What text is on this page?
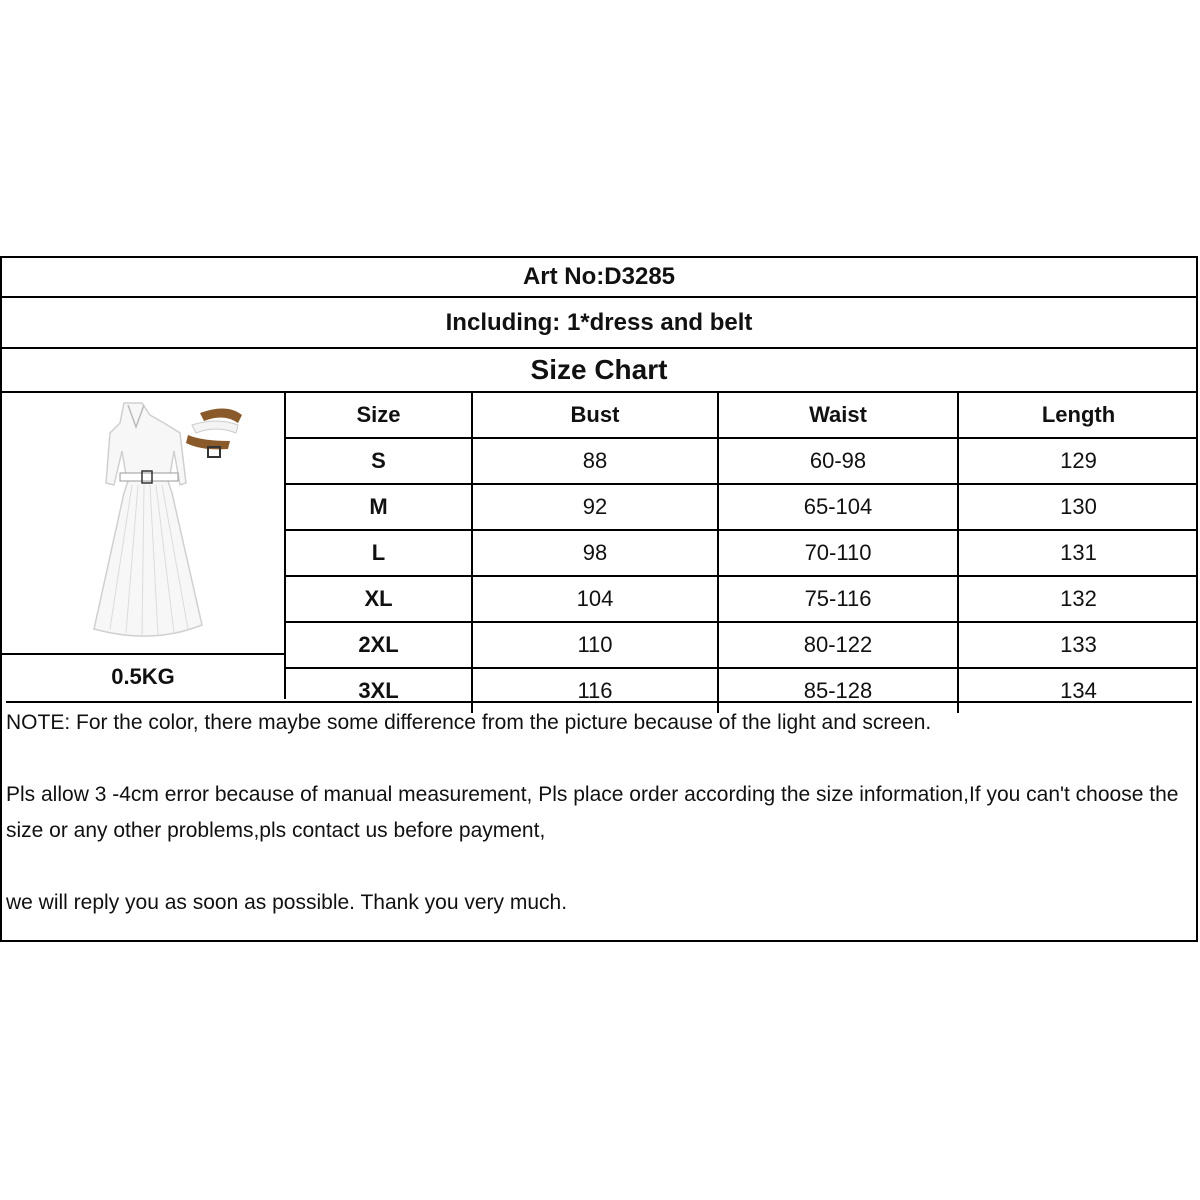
Art No:D3285
Including: 1*dress and belt
Size Chart
0.5KG
Size	Bust	Waist	Length
S	88	60-98	129
M	92	65-104	130
L	98	70-110	131
XL	104	75-116	132
2XL	110	80-122	133
3XL	116	85-128	134

NOTE: For the color, there maybe some difference from the picture because of the light and screen.

Pls allow 3 -4cm error because of manual measurement, Pls place order according the size information,If you can't choose the size or any other problems,pls contact us before payment,

we will reply you as soon as possible. Thank you very much.
